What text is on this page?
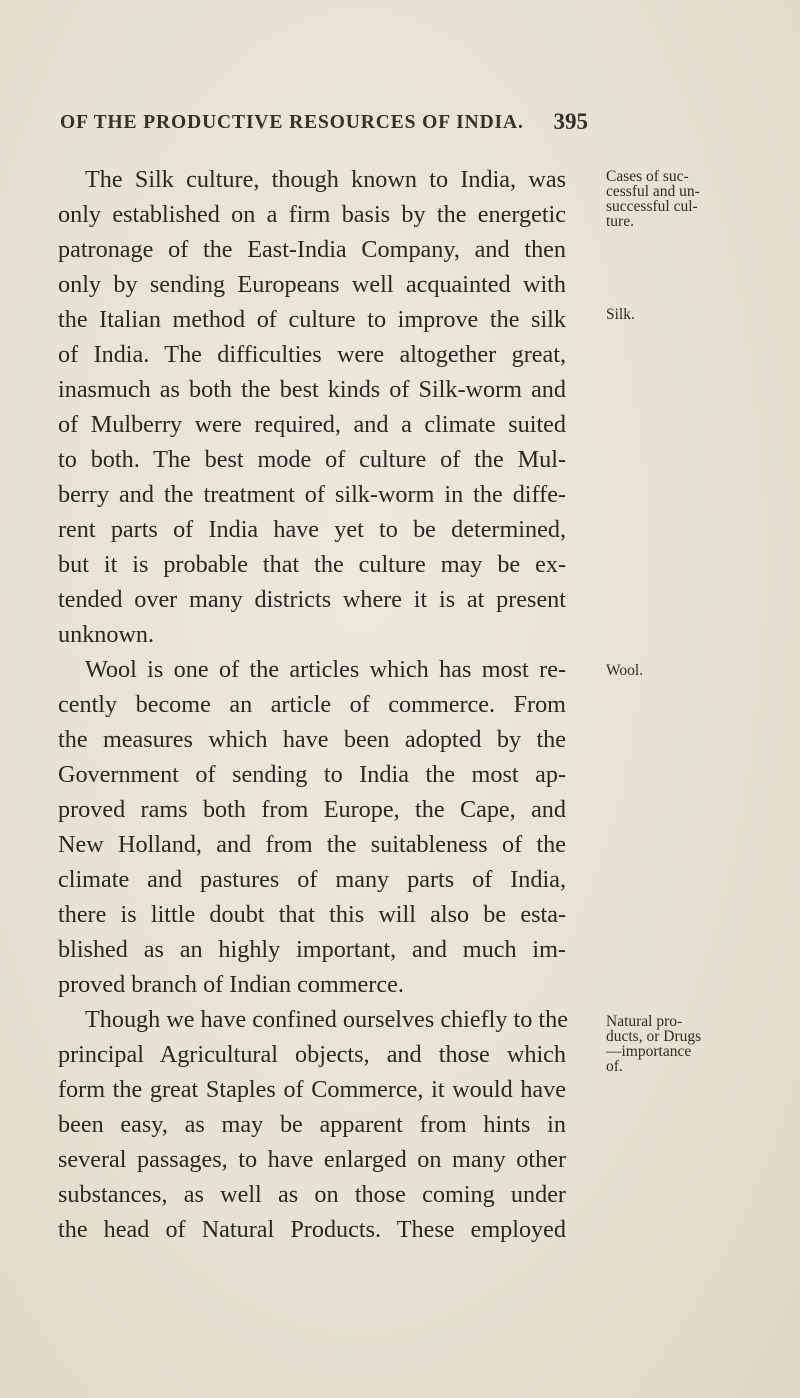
OF THE PRODUCTIVE RESOURCES OF INDIA. 395
The Silk culture, though known to India, was
only established on a firm basis by the energetic
patronage of the East-India Company, and then
only by sending Europeans well acquainted with
the Italian method of culture to improve the silk
of India. The difficulties were altogether great,
inasmuch as both the best kinds of Silk-worm and
of Mulberry were required, and a climate suited
to both. The best mode of culture of the Mul-
berry and the treatment of silk-worm in the diffe-
rent parts of India have yet to be determined,
but it is probable that the culture may be ex-
tended over many districts where it is at present
unknown.
Wool is one of the articles which has most re-
cently become an article of commerce. From
the measures which have been adopted by the
Government of sending to India the most ap-
proved rams both from Europe, the Cape, and
New Holland, and from the suitableness of the
climate and pastures of many parts of India,
there is little doubt that this will also be esta-
blished as an highly important, and much im-
proved branch of Indian commerce.
Though we have confined ourselves chiefly to the
principal Agricultural objects, and those which
form the great Staples of Commerce, it would have
been easy, as may be apparent from hints in
several passages, to have enlarged on many other
substances, as well as on those coming under
the head of Natural Products. These employed
Cases of suc-
cessful and un-
successful cul-
ture.
Silk.
Wool.
Natural pro-
ducts, or Drugs
—importance
of.
